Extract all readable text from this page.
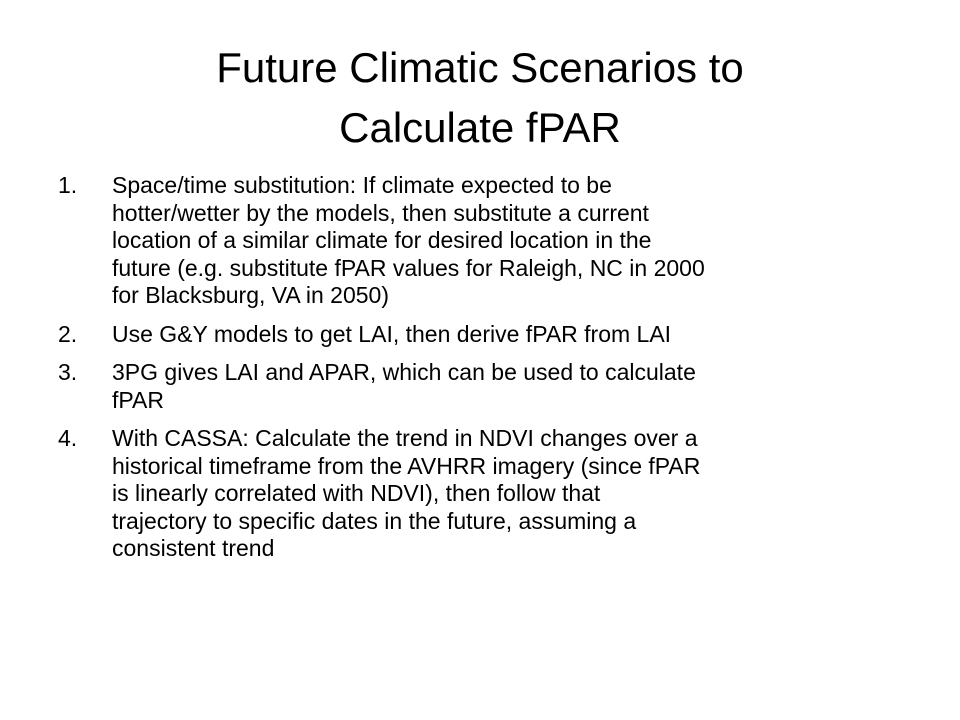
Future Climatic Scenarios to
Calculate fPAR
1.	Space/time substitution: If climate expected to be
hotter/wetter by the models, then substitute a current
location of a similar climate for desired location in the
future (e.g. substitute fPAR values for Raleigh, NC in 2000
for Blacksburg, VA in 2050)
2.	Use G&Y models to get LAI, then derive fPAR from LAI
3.	3PG gives LAI and APAR, which can be used to calculate
fPAR
4.	With CASSA: Calculate the trend in NDVI changes over a
historical timeframe from the AVHRR imagery (since fPAR
is linearly correlated with NDVI), then follow that
trajectory to specific dates in the future, assuming a
consistent trend
